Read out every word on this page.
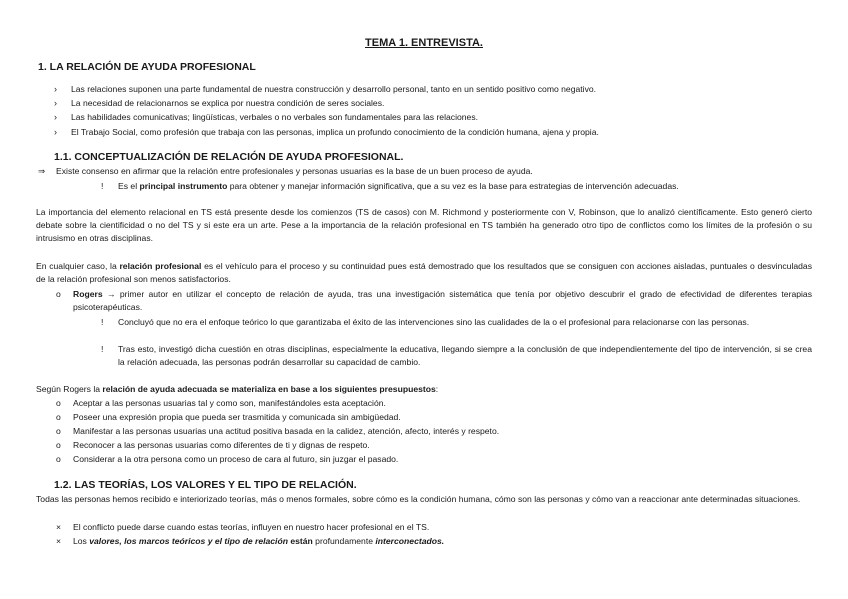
TEMA 1. ENTREVISTA.
1. LA RELACIÓN DE AYUDA PROFESIONAL
›	Las relaciones suponen una parte fundamental de nuestra construcción y desarrollo personal, tanto en un sentido positivo como negativo.
›	La necesidad de relacionarnos se explica por nuestra condición de seres sociales.
›	Las habilidades comunicativas; lingüísticas, verbales o no verbales son fundamentales para las relaciones.
›	El Trabajo Social, como profesión que trabaja con las personas, implica un profundo conocimiento de la condición humana, ajena y propia.
1.1. CONCEPTUALIZACIÓN DE RELACIÓN DE AYUDA PROFESIONAL.
⇒	Existe consenso en afirmar que la relación entre profesionales y personas usuarias es la base de un buen proceso de ayuda.
!	Es el principal instrumento para obtener y manejar información significativa, que a su vez es la base para estrategias de intervención adecuadas.
La importancia del elemento relacional en TS está presente desde los comienzos (TS de casos) con M. Richmond y posteriormente con V, Robinson, que lo analizó científicamente. Esto generó cierto debate sobre la cientificidad o no del TS y si este era un arte. Pese a la importancia de la relación profesional en TS también ha generado otro tipo de conflictos como los límites de la profesión o su intrusismo en otras disciplinas.
En cualquier caso, la relación profesional es el vehículo para el proceso y su continuidad pues está demostrado que los resultados que se consiguen con acciones aisladas, puntuales o desvinculadas de la relación profesional son menos satisfactorios.
o	Rogers → primer autor en utilizar el concepto de relación de ayuda, tras una investigación sistemática que tenía por objetivo descubrir el grado de efectividad de diferentes terapias psicoterapéuticas.
!	Concluyó que no era el enfoque teórico lo que garantizaba el éxito de las intervenciones sino las cualidades de la o el profesional para relacionarse con las personas.
!	Tras esto, investigó dicha cuestión en otras disciplinas, especialmente la educativa, llegando siempre a la conclusión de que independientemente del tipo de intervención, si se crea la relación adecuada, las personas podrán desarrollar su capacidad de cambio.
Según Rogers la relación de ayuda adecuada se materializa en base a los siguientes presupuestos:
o	Aceptar a las personas usuarias tal y como son, manifestándoles esta aceptación.
o	Poseer una expresión propia que pueda ser trasmitida y comunicada sin ambigüedad.
o	Manifestar a las personas usuarias una actitud positiva basada en la calidez, atención, afecto, interés y respeto.
o	Reconocer a las personas usuarias como diferentes de ti y dignas de respeto.
o	Considerar a la otra persona como un proceso de cara al futuro, sin juzgar el pasado.
1.2. LAS TEORÍAS, LOS VALORES Y EL TIPO DE RELACIÓN.
Todas las personas hemos recibido e interiorizado teorías, más o menos formales, sobre cómo es la condición humana, cómo son las personas y cómo van a reaccionar ante determinadas situaciones.
×	El conflicto puede darse cuando estas teorías, influyen en nuestro hacer profesional en el TS.
×	Los valores, los marcos teóricos y el tipo de relación están profundamente interconectados.
